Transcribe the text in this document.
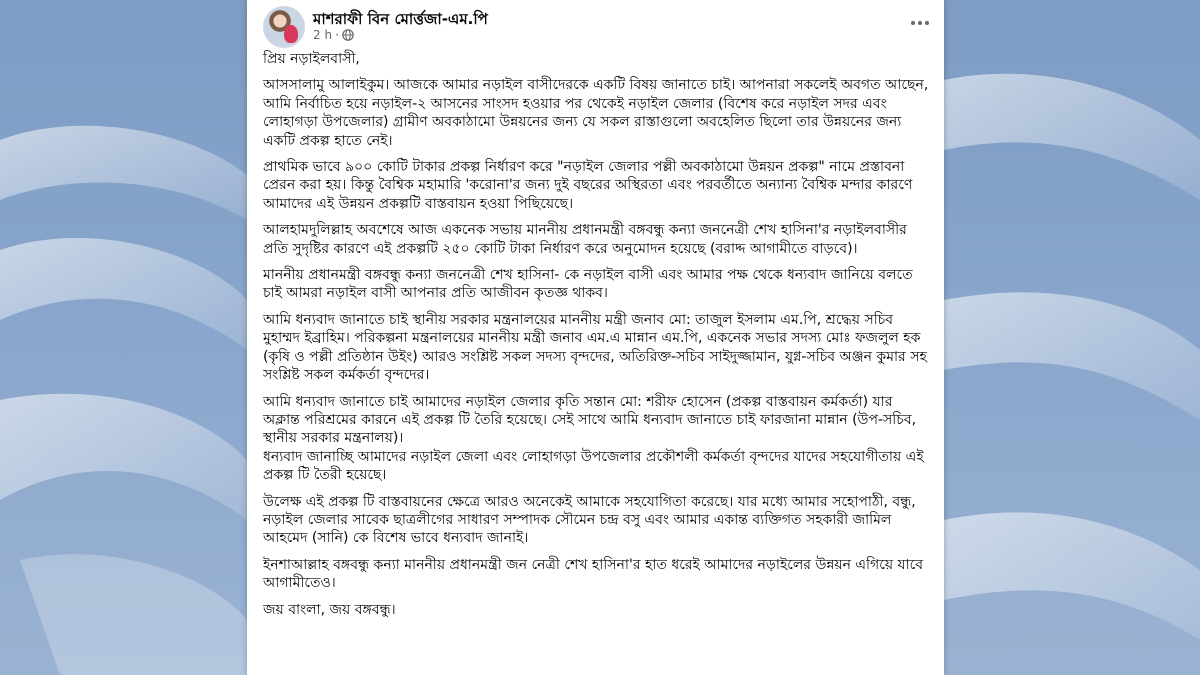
মাশরাফী বিন মোর্ত্তজা-এম.পি
2 h ·

প্রিয় নড়াইলবাসী,

আসসালামু আলাইকুম। আজকে আমার নড়াইল বাসীদেরকে একটি বিষয় জানাতে চাই। আপনারা সকলেই অবগত আছেন, আমি নির্বাচিত হয়ে নড়াইল-২ আসনের সাংসদ হওয়ার পর থেকেই নড়াইল জেলার (বিশেষ করে নড়াইল সদর এবং লোহাগড়া উপজেলার) গ্রামীণ অবকাঠামো উন্নয়নের জন্য যে সকল রাস্তাগুলো অবহেলিত ছিলো তার উন্নয়নের জন্য একটি প্রকল্প হাতে নেই।

প্রাথমিক ভাবে ৯০০ কোটি টাকার প্রকল্প নির্ধারণ করে "নড়াইল জেলার পল্লী অবকাঠামো উন্নয়ন প্রকল্প" নামে প্রস্তাবনা প্রেরন করা হয়। কিন্তু বৈশ্বিক মহামারি 'করোনা'র জন্য দুই বছরের অস্থিরতা এবং পরবর্তীতে অন্যান্য বৈশ্বিক মন্দার কারণে আমাদের এই উন্নয়ন প্রকল্পটি বাস্তবায়ন হওয়া পিছিয়েছে।

আলহামদুলিল্লাহ অবশেষে আজ একনেক সভায় মাননীয় প্রধানমন্ত্রী বঙ্গবন্ধু কন্যা জননেত্রী শেখ হাসিনা'র নড়াইলবাসীর প্রতি সুদৃষ্টির কারণে এই প্রকল্পটি ২৫০ কোটি টাকা নির্ধারণ করে অনুমোদন হয়েছে (বরাদ্দ আগামীতে বাড়বে)।

মাননীয় প্রধানমন্ত্রী বঙ্গবন্ধু কন্যা জননেত্রী শেখ হাসিনা- কে নড়াইল বাসী এবং আমার পক্ষ থেকে ধন্যবাদ জানিয়ে বলতে চাই আমরা নড়াইল বাসী আপনার প্রতি আজীবন কৃতজ্ঞ থাকব।

আমি ধন্যবাদ জানাতে চাই স্থানীয় সরকার মন্ত্রনালয়ের মাননীয় মন্ত্রী জনাব মো: তাজুল ইসলাম এম.পি, শ্রদ্ধেয় সচিব মুহাম্মদ ইব্রাহিম। পরিকল্পনা মন্ত্রনালয়ের মাননীয় মন্ত্রী জনাব এম.এ মান্নান এম.পি, একনেক সভার সদস্য মোঃ ফজলুল হক (কৃষি ও পল্লী প্রতিষ্ঠান উইং) আরও সংশ্লিষ্ট সকল সদস্য বৃন্দদের, অতিরিক্ত-সচিব সাইদুজ্জামান, যুগ্ন-সচিব অঞ্জন কুমার সহ সংশ্লিষ্ট সকল কর্মকর্তা বৃন্দদের।

আমি ধন্যবাদ জানাতে চাই আমাদের নড়াইল জেলার কৃতি সন্তান মো: শরীফ হোসেন (প্রকল্প বাস্তবায়ন কর্মকর্তা) যার অক্লান্ত পরিশ্রমের কারনে এই প্রকল্প টি তৈরি হয়েছে। সেই সাথে আমি ধন্যবাদ জানাতে চাই ফারজানা মান্নান (উপ-সচিব, স্থানীয় সরকার মন্ত্রনালয়)।
ধন্যবাদ জানাচ্ছি আমাদের নড়াইল জেলা এবং লোহাগড়া উপজেলার প্রকৌশলী কর্মকর্তা বৃন্দদের যাদের সহযোগীতায় এই প্রকল্প টি তৈরী হয়েছে।

উলেক্ষ এই প্রকল্প টি বাস্তবায়নের ক্ষেত্রে আরও অনেকেই আমাকে সহযোগিতা করেছে। যার মধ্যে আমার সহোপাঠী, বন্ধু, নড়াইল জেলার সাবেক ছাত্রলীগের সাধারণ সম্পাদক সৌমেন চন্দ্র বসু এবং আমার একান্ত ব্যক্তিগত সহকারী জামিল আহমেদ (সানি) কে বিশেষ ভাবে ধন্যবাদ জানাই।

ইনশাআল্লাহ বঙ্গবন্ধু কন্যা মাননীয় প্রধানমন্ত্রী জন নেত্রী শেখ হাসিনা'র হাত ধরেই আমাদের নড়াইলের উন্নয়ন এগিয়ে যাবে আগামীতেও।

জয় বাংলা, জয় বঙ্গবন্ধু।
